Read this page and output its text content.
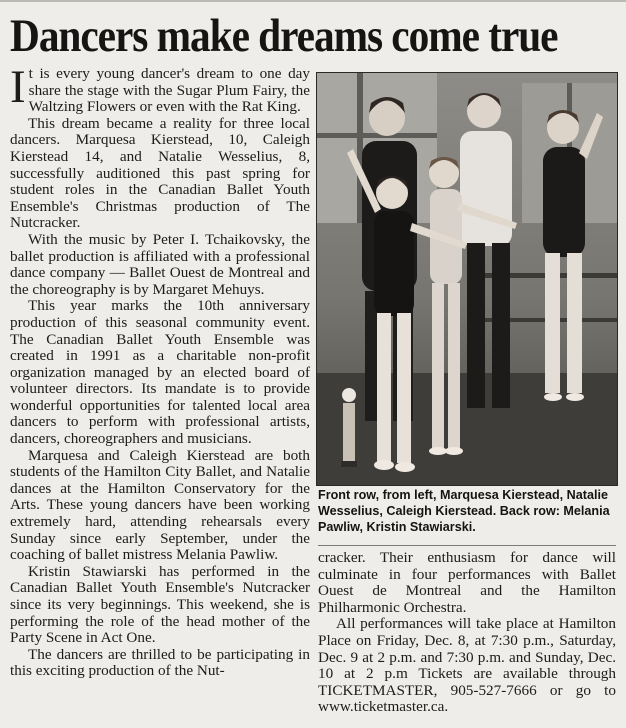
Dancers make dreams come true

It is every young dancer's dream to one day share the stage with the Sugar Plum Fairy, the Waltzing Flowers or even with the Rat King.

This dream became a reality for three local dancers. Marquesa Kierstead, 10, Caleigh Kierstead 14, and Natalie Wesselius, 8, successfully auditioned this past spring for student roles in the Canadian Ballet Youth Ensemble's Christmas production of The Nutcracker.

With the music by Peter I. Tchaikovsky, the ballet production is affiliated with a professional dance company — Ballet Ouest de Montreal and the choreography is by Margaret Mehuys.

This year marks the 10th anniversary production of this seasonal community event. The Canadian Ballet Youth Ensemble was created in 1991 as a charitable non-profit organization managed by an elected board of volunteer directors. Its mandate is to provide wonderful opportunities for talented local area dancers to perform with professional artists, dancers, choreographers and musicians.

Marquesa and Caleigh Kierstead are both students of the Hamilton City Ballet, and Natalie dances at the Hamilton Conservatory for the Arts. These young dancers have been working extremely hard, attending rehearsals every Sunday since early September, under the coaching of ballet mistress Melania Pawliw.

Kristin Stawiarski has performed in the Canadian Ballet Youth Ensemble's Nutcracker since its very beginnings. This weekend, she is performing the role of the head mother of the Party Scene in Act One.

The dancers are thrilled to be participating in this exciting production of the Nut-

Front row, from left, Marquesa Kierstead, Natalie Wesselius, Caleigh Kierstead. Back row: Melania Pawliw, Kristin Stawiarski.

cracker. Their enthusiasm for dance will culminate in four performances with Ballet Ouest de Montreal and the Hamilton Philharmonic Orchestra.

All performances will take place at Hamilton Place on Friday, Dec. 8, at 7:30 p.m., Saturday, Dec. 9 at 2 p.m. and 7:30 p.m. and Sunday, Dec. 10 at 2 p.m Tickets are available through TICKETMASTER, 905-527-7666 or go to www.ticketmaster.ca.
